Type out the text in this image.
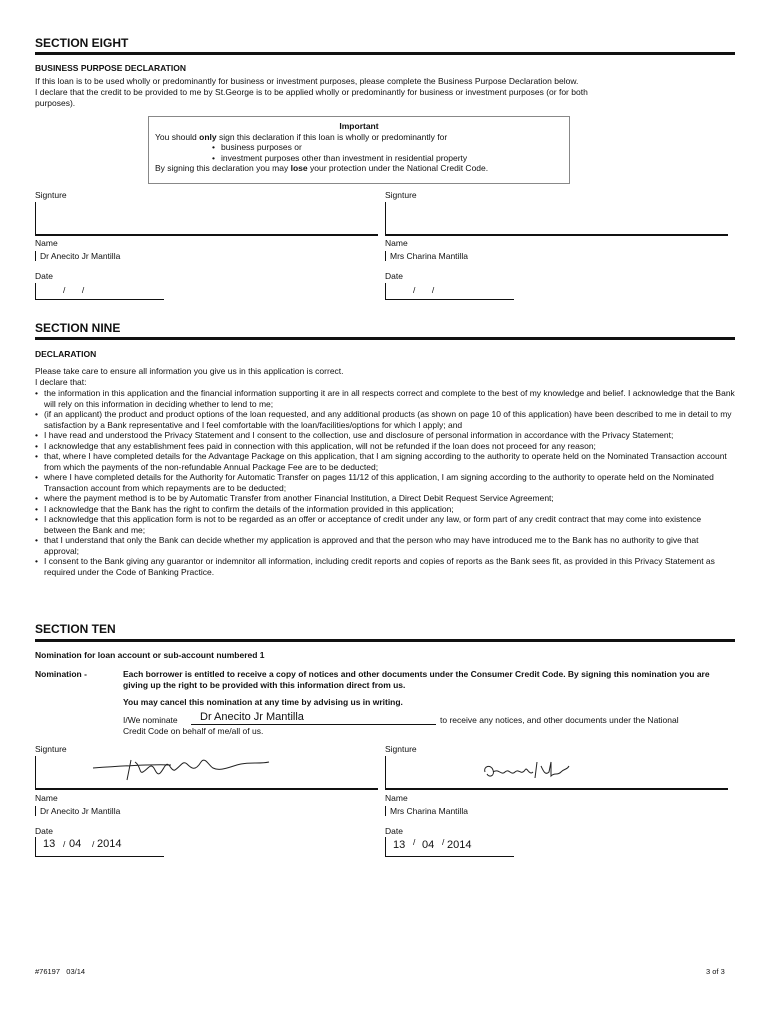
SECTION EIGHT
BUSINESS PURPOSE DECLARATION
If this loan is to be used wholly or predominantly for business or investment purposes, please complete the Business Purpose Declaration below.
I declare that the credit to be provided to me by St.George is to be applied wholly or predominantly for business or investment purposes (or for both
purposes).
Important
You should only sign this declaration if this loan is wholly or predominantly for
• business purposes or
• investment purposes other than investment in residential property
By signing this declaration you may lose your protection under the National Credit Code.
Signture	Signture
Name	Name
Dr Anecito Jr Mantilla	Mrs Charina Mantilla
Date	Date
/       /	/       /
SECTION NINE
DECLARATION
Please take care to ensure all information you give us in this application is correct.
I declare that:
• the information in this application and the financial information supporting it are in all respects correct and complete to the best of my knowledge and belief. I acknowledge that the Bank will rely on this information in deciding whether to lend to me;
• (if an applicant) the product and product options of the loan requested, and any additional products (as shown on page 10 of this application) have been described to me in detail to my satisfaction by a Bank representative and I feel comfortable with the loan/facilities/options for which I apply; and
• I have read and understood the Privacy Statement and I consent to the collection, use and disclosure of personal information in accordance with the Privacy Statement;
• I acknowledge that any establishment fees paid in connection with this application, will not be refunded if the loan does not proceed for any reason;
• that, where I have completed details for the Advantage Package on this application, that I am signing according to the authority to operate held on the Nominated Transaction account from which the payments of the non-refundable Annual Package Fee are to be deducted;
• where I have completed details for the Authority for Automatic Transfer on pages 11/12 of this application, I am signing according to the authority to operate held on the Nominated Transaction account from which repayments are to be deducted;
• where the payment method is to be by Automatic Transfer from another Financial Institution, a Direct Debit Request Service Agreement;
• I acknowledge that the Bank has the right to confirm the details of the information provided in this application;
• I acknowledge that this application form is not to be regarded as an offer or acceptance of credit under any law, or form part of any credit contract that may come into existence between the Bank and me;
• that I understand that only the Bank can decide whether my application is approved and that the person who may have introduced me to the Bank has no authority to give that approval;
• I consent to the Bank giving any guarantor or indemnitor all information, including credit reports and copies of reports as the Bank sees fit, as provided in this Privacy Statement as required under the Code of Banking Practice.
SECTION TEN
Nomination for loan account or sub-account numbered 1
Nomination -	Each borrower is entitled to receive a copy of notices and other documents under the Consumer Credit Code. By signing this nomination you are giving up the right to be provided with this information direct from us.
You may cancel this nomination at any time by advising us in writing.
I/We nominate Dr Anecito Jr Mantilla	to receive any notices, and other documents under the National
Credit Code on behalf of me/all of us.
Signture	Signture
Name	Name
Dr Anecito Jr Mantilla	Mrs Charina Mantilla
Date	Date
13 / 04 / 2014	13 / 04 / 2014
#76197   03/14	3 of 3
